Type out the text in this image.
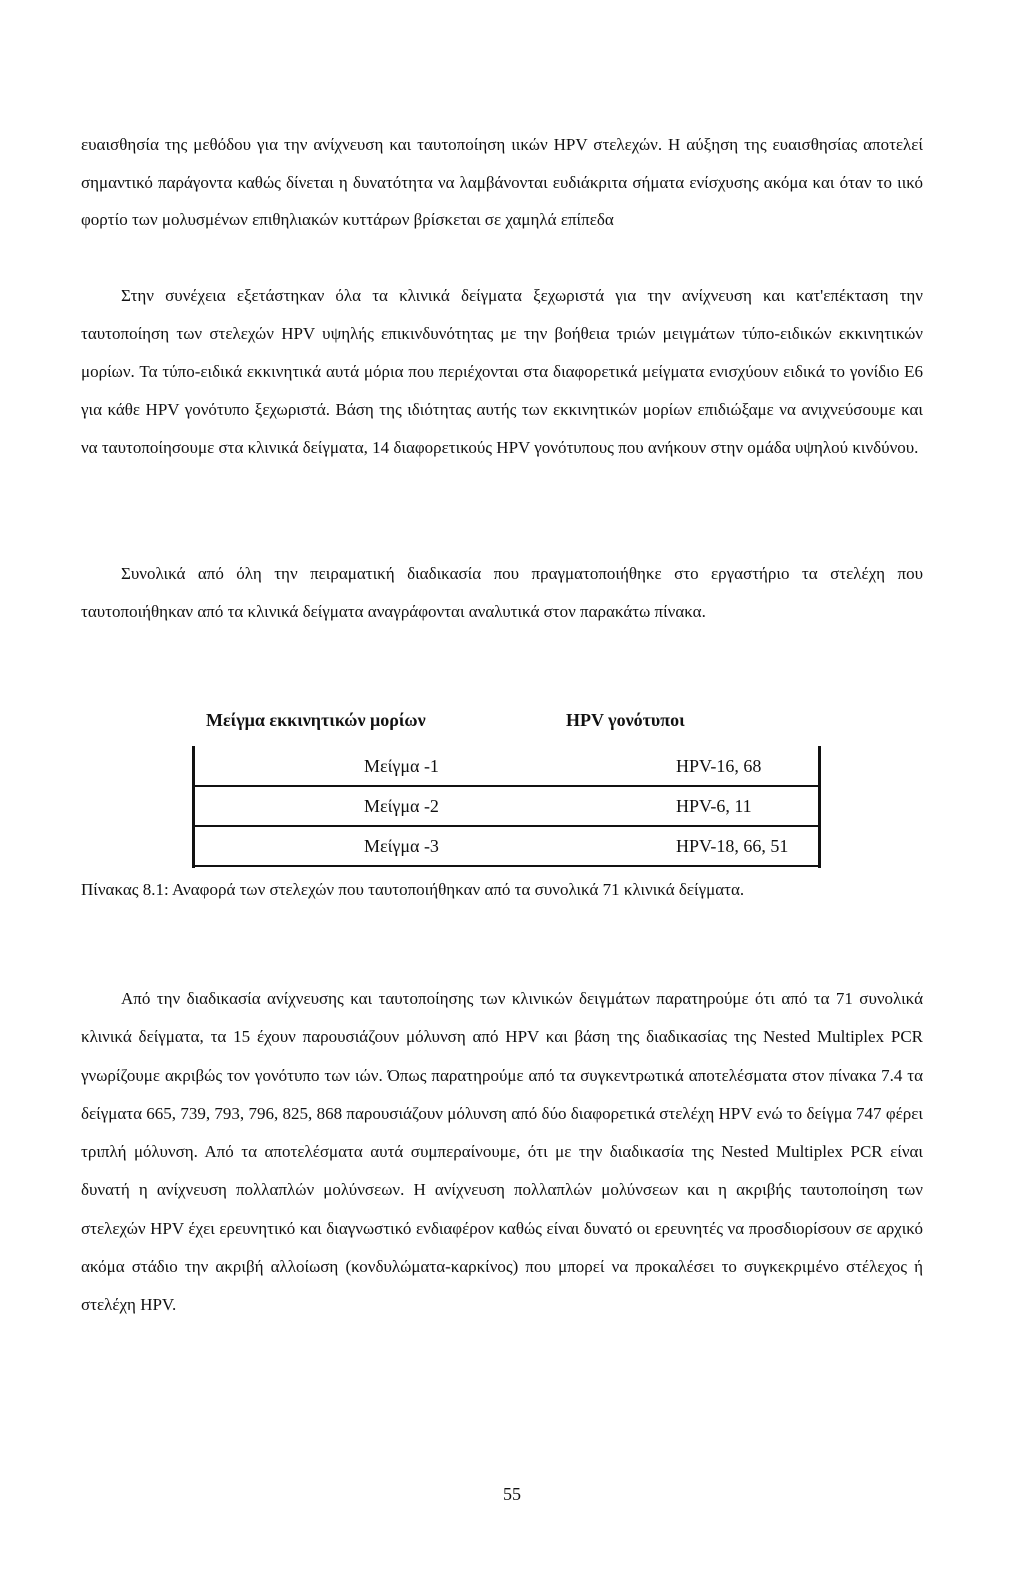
ευαισθησία της μεθόδου για την ανίχνευση και ταυτοποίηση ιικών HPV στελεχών. Η αύξηση της ευαισθησίας αποτελεί σημαντικό παράγοντα καθώς δίνεται η δυνατότητα να λαμβάνονται ευδιάκριτα σήματα ενίσχυσης ακόμα και όταν το ιικό φορτίο των μολυσμένων επιθηλιακών κυττάρων βρίσκεται σε χαμηλά επίπεδα

Στην συνέχεια εξετάστηκαν όλα τα κλινικά δείγματα ξεχωριστά για την ανίχνευση και κατ'επέκταση την ταυτοποίηση των στελεχών HPV υψηλής επικινδυνότητας με την βοήθεια τριών μειγμάτων τύπο-ειδικών εκκινητικών μορίων. Τα τύπο-ειδικά εκκινητικά αυτά μόρια που περιέχονται στα διαφορετικά μείγματα ενισχύουν ειδικά το γονίδιο E6 για κάθε HPV γονότυπο ξεχωριστά. Βάση της ιδιότητας αυτής των εκκινητικών μορίων επιδιώξαμε να ανιχνεύσουμε και να ταυτοποίησουμε στα κλινικά δείγματα, 14 διαφορετικούς HPV γονότυπους που ανήκουν στην ομάδα υψηλού κινδύνου.

Συνολικά από όλη την πειραματική διαδικασία που πραγματοποιήθηκε στο εργαστήριο τα στελέχη που ταυτοποιήθηκαν από τα κλινικά δείγματα αναγράφονται αναλυτικά στον παρακάτω πίνακα.

Μείγμα εκκινητικών μορίων	HPV γονότυποι
Μείγμα -1	HPV-16, 68
Μείγμα -2	HPV-6, 11
Μείγμα -3	HPV-18, 66, 51

Πίνακας 8.1: Αναφορά των στελεχών που ταυτοποιήθηκαν από τα συνολικά 71 κλινικά δείγματα.

Από την διαδικασία ανίχνευσης και ταυτοποίησης των κλινικών δειγμάτων παρατηρούμε ότι από τα 71 συνολικά κλινικά δείγματα, τα 15 έχουν παρουσιάζουν μόλυνση από HPV και βάση της διαδικασίας της Nested Multiplex PCR γνωρίζουμε ακριβώς τον γονότυπο των ιών. Όπως παρατηρούμε από τα συγκεντρωτικά αποτελέσματα στον πίνακα 7.4 τα δείγματα 665, 739, 793, 796, 825, 868 παρουσιάζουν μόλυνση από δύο διαφορετικά στελέχη HPV ενώ το δείγμα 747 φέρει τριπλή μόλυνση. Από τα αποτελέσματα αυτά συμπεραίνουμε, ότι με την διαδικασία της Nested Multiplex PCR είναι δυνατή η ανίχνευση πολλαπλών μολύνσεων. Η ανίχνευση πολλαπλών μολύνσεων και η ακριβής ταυτοποίηση των στελεχών HPV έχει ερευνητικό και διαγνωστικό ενδιαφέρον καθώς είναι δυνατό οι ερευνητές να προσδιορίσουν σε αρχικό ακόμα στάδιο την ακριβή αλλοίωση (κονδυλώματα-καρκίνος) που μπορεί να προκαλέσει το συγκεκριμένο στέλεχος ή στελέχη HPV.

55
